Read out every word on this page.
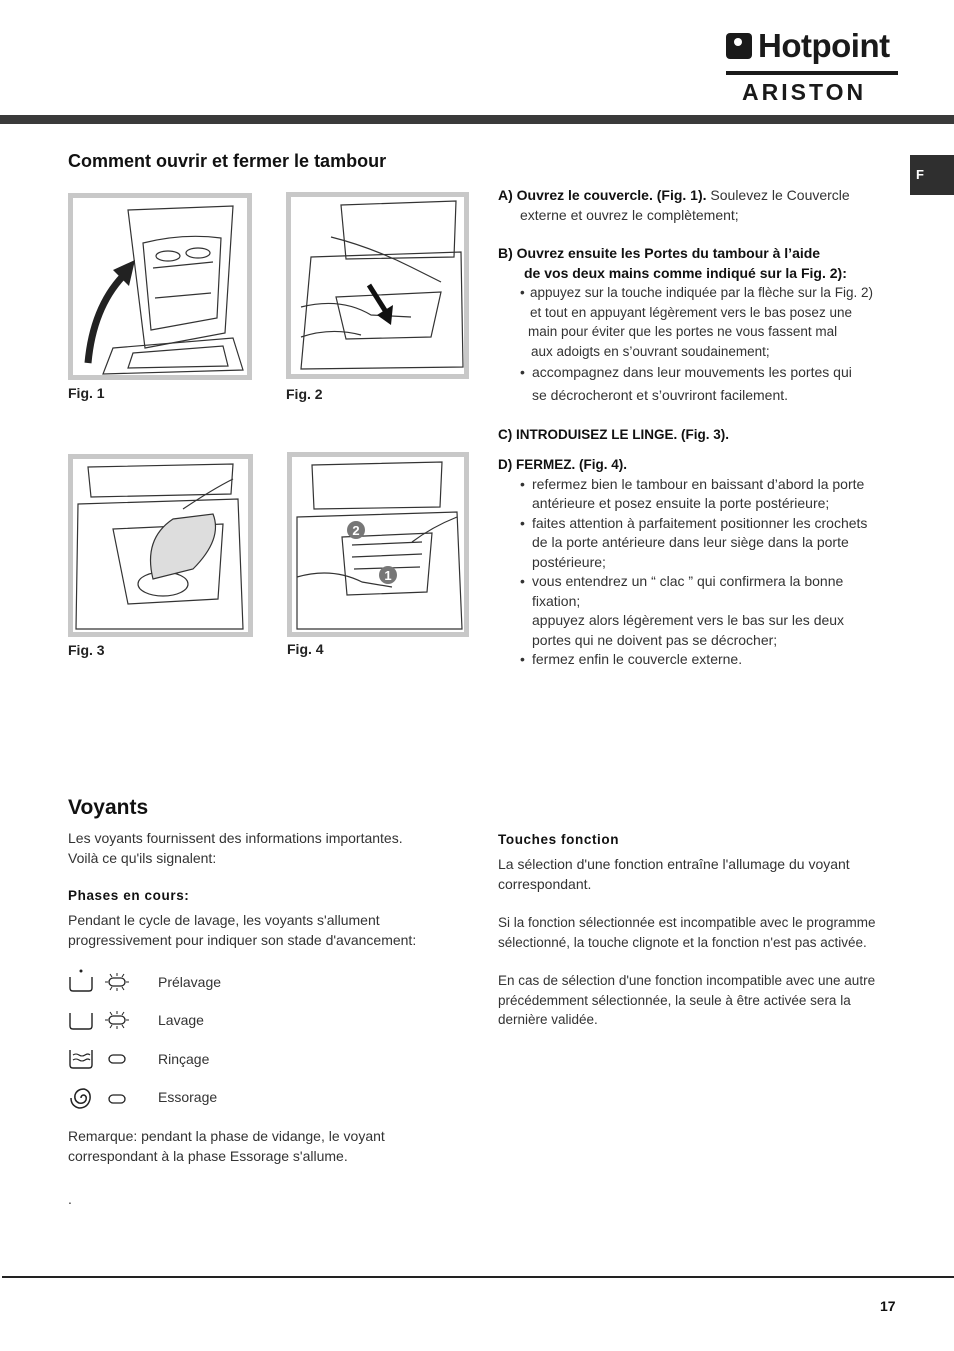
Hotpoint
ARISTON
F
Comment ouvrir et fermer le tambour
Fig. 1	Fig. 2
Fig. 3
2
1
Fig. 4
A) Ouvrez le couvercle. (Fig. 1). Soulevez le Couvercle
externe et ouvrez le complètement;
B) Ouvrez ensuite les Portes du tambour à l’aide
de vos deux mains comme indiqué sur la Fig. 2):
• appuyez sur la touche indiquée par la flèche sur la Fig. 2)
et tout en appuyant légèrement vers le bas posez une
main pour éviter que les portes ne vous fassent mal
aux adoigts en s’ouvrant soudainement;
• accompagnez dans leur mouvements les portes qui
se décrocheront et s’ouvriront facilement.
C) INTRODUISEZ LE LINGE. (Fig. 3).
D) FERMEZ. (Fig. 4).
• refermez bien le tambour en baissant d’abord la porte
antérieure et posez ensuite la porte postérieure;
• faites attention à parfaitement positionner les crochets
de la porte antérieure dans leur siège dans la porte
postérieure;
• vous entendrez un “ clac ” qui confirmera la bonne
fixation;
appuyez alors légèrement vers le bas sur les deux
portes qui ne doivent pas se décrocher;
• fermez enfin le couvercle externe.
Voyants
Les voyants fournissent des informations importantes.
Voilà ce qu'ils signalent:
Phases en cours:
Pendant le cycle de lavage, les voyants s'allument
progressivement pour indiquer son stade d'avancement:
Prélavage
Lavage
Rinçage
Essorage
Remarque: pendant la phase de vidange, le voyant
correspondant à la phase Essorage s'allume.
.
Touches fonction
La sélection d'une fonction entraîne l'allumage du voyant
correspondant.
Si la fonction sélectionnée est incompatible avec le programme
sélectionné, la touche clignote et la fonction n'est pas activée.
En cas de sélection d'une fonction incompatible avec une autre
précédemment sélectionnée, la seule à être activée sera la
dernière validée.
17
